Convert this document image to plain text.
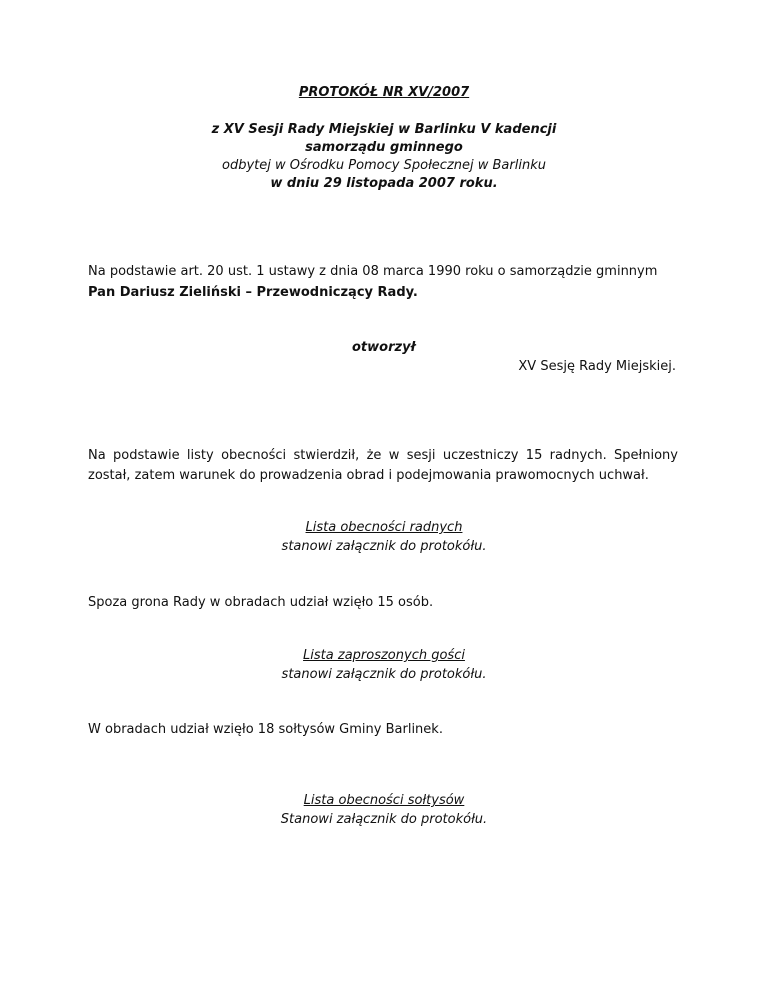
PROTOKÓŁ NR XV/2007
z XV Sesji Rady Miejskiej w Barlinku V kadencji
samorządu gminnego
odbytej w Ośrodku Pomocy Społecznej w Barlinku
w dniu 29 listopada 2007 roku.
Na podstawie art. 20 ust. 1 ustawy z dnia 08 marca 1990 roku o samorządzie gminnym
Pan Dariusz Zieliński – Przewodniczący Rady.
otworzył
XV Sesję Rady Miejskiej.
Na podstawie listy obecności stwierdził, że w sesji uczestniczy 15 radnych. Spełniony został, zatem warunek do prowadzenia obrad i podejmowania prawomocnych uchwał.
Lista obecności radnych
stanowi załącznik do protokółu.
Spoza grona Rady w obradach udział wzięło 15 osób.
Lista zaproszonych gości
stanowi załącznik do protokółu.
W obradach udział wzięło 18 sołtysów Gminy Barlinek.
Lista obecności sołtysów
Stanowi załącznik do protokółu.
